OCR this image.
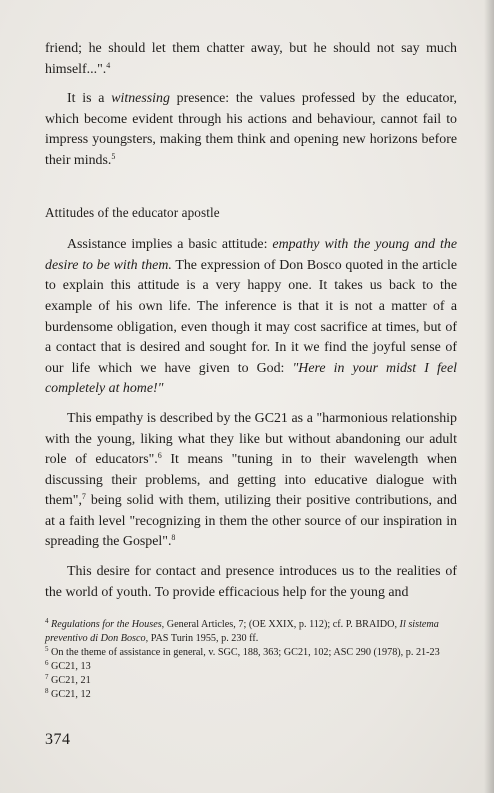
friend; he should let them chatter away, but he should not say much himself...".$^4$

It is a witnessing presence: the values professed by the educator, which become evident through his actions and behaviour, cannot fail to impress youngsters, making them think and opening new horizons before their minds.$^5$

Attitudes of the educator apostle

Assistance implies a basic attitude: empathy with the young and the desire to be with them. The expression of Don Bosco quoted in the article to explain this attitude is a very happy one. It takes us back to the example of his own life. The inference is that it is not a matter of a burdensome obligation, even though it may cost sacrifice at times, but of a contact that is desired and sought for. In it we find the joyful sense of our life which we have given to God: "Here in your midst I feel completely at home!"

This empathy is described by the GC21 as a "harmonious relationship with the young, liking what they like but without abandoning our adult role of educators".$^6$ It means "tuning in to their wavelength when discussing their problems, and getting into educative dialogue with them",$^7$ being solid with them, utilizing their positive contributions, and at a faith level "recognizing in them the other source of our inspiration in spreading the Gospel".$^8$

This desire for contact and presence introduces us to the realities of the world of youth. To provide efficacious help for the young and

$^4$ Regulations for the Houses, General Articles, 7; (OE XXIX, p. 112); cf. P. BRAIDO, Il sistema preventivo di Don Bosco, PAS Turin 1955, p. 230 ff.

$^5$ On the theme of assistance in general, v. SGC, 188, 363; GC21, 102; ASC 290 (1978), p. 21-23

$^6$ GC21, 13

$^7$ GC21, 21

$^8$ GC21, 12

374
